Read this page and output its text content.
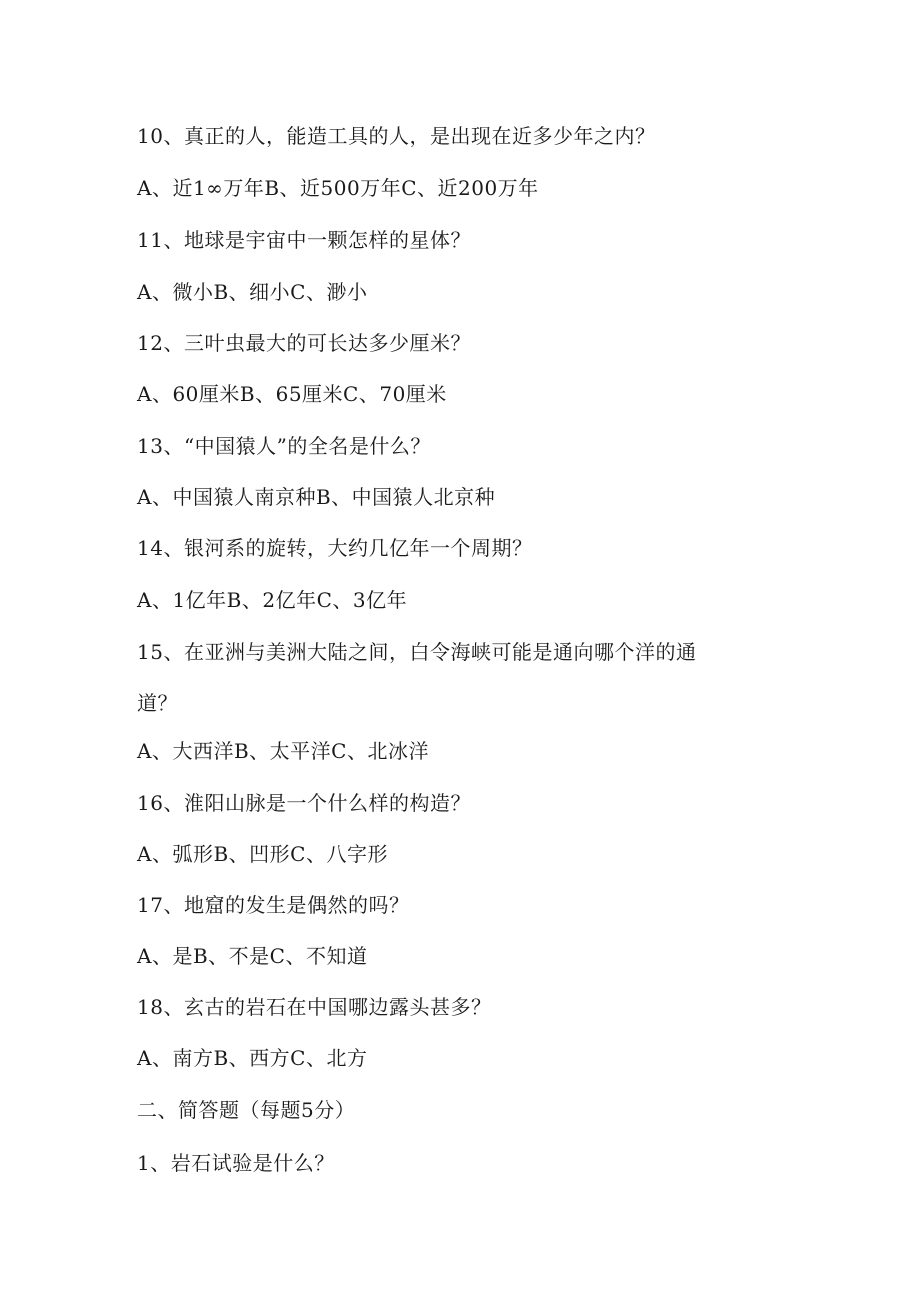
10、真正的人，能造工具的人，是出现在近多少年之内？
A、近1∞万年B、近500万年C、近200万年
11、地球是宇宙中一颗怎样的星体？
A、微小B、细小C、渺小
12、三叶虫最大的可长达多少厘米？
A、60厘米B、65厘米C、70厘米
13、“中国猿人”的全名是什么？
A、中国猿人南京种B、中国猿人北京种
14、银河系的旋转，大约几亿年一个周期？
A、1亿年B、2亿年C、3亿年
15、在亚洲与美洲大陆之间，白令海峡可能是通向哪个洋的通
道？
A、大西洋B、太平洋C、北冰洋
16、淮阳山脉是一个什么样的构造？
A、弧形B、凹形C、八字形
17、地窟的发生是偶然的吗？
A、是B、不是C、不知道
18、玄古的岩石在中国哪边露头甚多？
A、南方B、西方C、北方
二、简答题（每题5分）
1、岩石试验是什么？
